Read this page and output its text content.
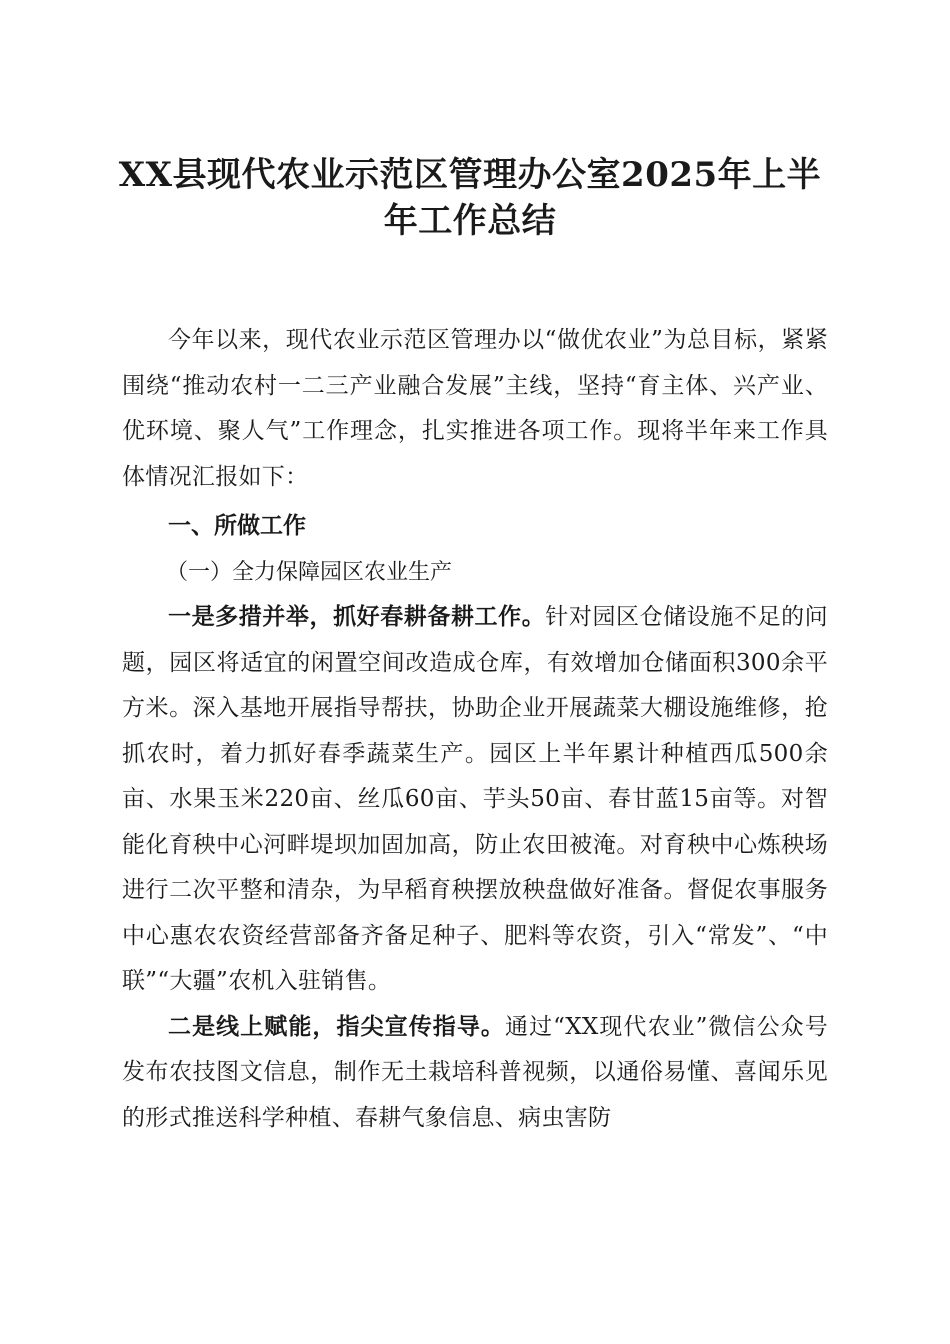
XX县现代农业示范区管理办公室2025年上半年工作总结

今年以来，现代农业示范区管理办以“做优农业”为总目标，紧紧围绕“推动农村一二三产业融合发展”主线，坚持“育主体、兴产业、优环境、聚人气”工作理念，扎实推进各项工作。现将半年来工作具体情况汇报如下：

一、所做工作

（一）全力保障园区农业生产

一是多措并举，抓好春耕备耕工作。针对园区仓储设施不足的问题，园区将适宜的闲置空间改造成仓库，有效增加仓储面积300余平方米。深入基地开展指导帮扶，协助企业开展蔬菜大棚设施维修，抢抓农时，着力抓好春季蔬菜生产。园区上半年累计种植西瓜500余亩、水果玉米220亩、丝瓜60亩、芋头50亩、春甘蓝15亩等。对智能化育秧中心河畔堤坝加固加高，防止农田被淹。对育秧中心炼秧场进行二次平整和清杂，为早稻育秧摆放秧盘做好准备。督促农事服务中心惠农农资经营部备齐备足种子、肥料等农资，引入“常发”、“中联”“大疆”农机入驻销售。

二是线上赋能，指尖宣传指导。通过“XX现代农业”微信公众号发布农技图文信息，制作无土栽培科普视频，以通俗易懂、喜闻乐见的形式推送科学种植、春耕气象信息、病虫害防
